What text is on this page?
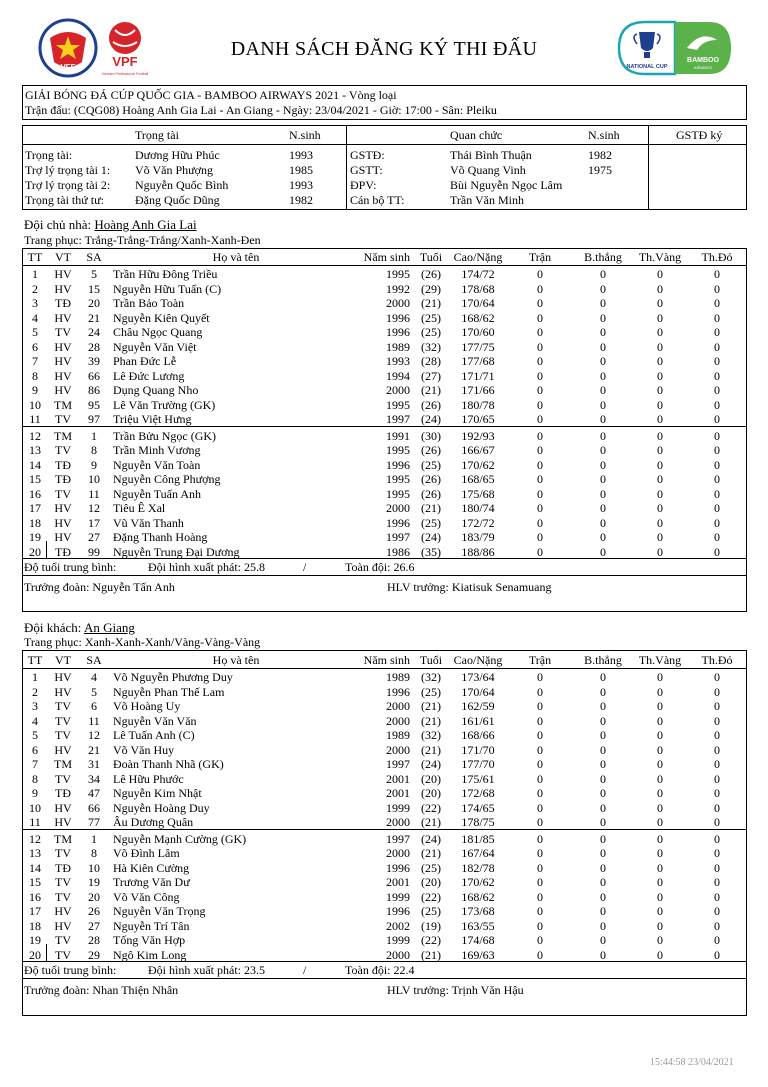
VFF	VPF
Vietnam Professional Football
DANH SÁCH ĐĂNG KÝ THI ĐẤU
NATIONAL CUP
BAMBOO
AIRWAYS
GIẢI BÓNG ĐÁ CÚP QUỐC GIA - BAMBOO AIRWAYS 2021 - Vòng loại
Trận đấu: (CQG08) Hoàng Anh Gia Lai - An Giang - Ngày: 23/04/2021 - Giờ: 17:00 - Sân: Pleiku
Trọng tài	N.sinh	Quan chức	N.sinh	GSTĐ ký
Trọng tài:	Dương Hữu Phúc	1993	GSTĐ:	Thái Bình Thuận	1982
Trợ lý trọng tài 1: Võ Văn Phượng	1985	GSTT:	Võ Quang Vinh	1975
Trợ lý trọng tài 2: Nguyễn Quốc Bình	1993	ĐPV:	Bùi Nguyễn Ngọc Lâm
Trọng tài thứ tư:	Đặng Quốc Dũng	1982	Cán bộ TT:	Trần Văn Minh
Đội chủ nhà: Hoàng Anh Gia Lai
Trang phục: Trắng-Trắng-Trắng/Xanh-Xanh-Đen
TT	VT	SA	Họ và tên	Năm sinh Tuổi Cao/Nặng	Trận	B.thắng	Th.Vàng	Th.Đỏ
1	HV	5	Trần Hữu Đông Triều	1995 (26)	174/72	0	0	0	0
2	HV	15	Nguyễn Hữu Tuấn (C)	1992 (29)	178/68	0	0	0	0
3	TĐ	20	Trần Bảo Toàn	2000 (21)	170/64	0	0	0	0
4	HV	21	Nguyễn Kiên Quyết	1996 (25)	168/62	0	0	0	0
5	TV	24	Châu Ngọc Quang	1996 (25)	170/60	0	0	0	0
6	HV	28	Nguyễn Văn Việt	1989 (32)	177/75	0	0	0	0
7	HV	39	Phan Đức Lễ	1993 (28)	177/68	0	0	0	0
8	HV	66	Lê Đức Lương	1994 (27)	171/71	0	0	0	0
9	HV	86	Dụng Quang Nho	2000 (21)	171/66	0	0	0	0
10	TM	95	Lê Văn Trường (GK)	1995 (26)	180/78	0	0	0	0
11	TV	97	Triệu Việt Hưng	1997 (24)	170/65	0	0	0	0
12	TM	1	Trần Bửu Ngọc (GK)	1991 (30)	192/93	0	0	0	0
13	TV	8	Trần Minh Vương	1995 (26)	166/67	0	0	0	0
14	TĐ	9	Nguyễn Văn Toàn	1996 (25)	170/62	0	0	0	0
15	TĐ	10	Nguyễn Công Phượng	1995 (26)	168/65	0	0	0	0
16	TV	11	Nguyễn Tuấn Anh	1995 (26)	175/68	0	0	0	0
17	HV	12	Tiêu Ê Xal	2000 (21)	180/74	0	0	0	0
18	HV	17	Vũ Văn Thanh	1996 (25)	172/72	0	0	0	0
19	HV	27	Đặng Thanh Hoàng	1997 (24)	183/79	0	0	0	0
20	TĐ	99	Nguyễn Trung Đại Dương	1986 (35)	188/86	0	0	0	0
Độ tuổi trung bình:	Đội hình xuất phát: 25.8	/	Toàn đội: 26.6
Trưởng đoàn: Nguyễn Tấn Anh	HLV trưởng: Kiatisuk Senamuang
Đội khách: An Giang
Trang phục: Xanh-Xanh-Xanh/Vàng-Vàng-Vàng
TT	VT	SA	Họ và tên	Năm sinh Tuổi Cao/Nặng	Trận	B.thắng	Th.Vàng	Th.Đỏ
1	HV	4	Võ Nguyễn Phương Duy	1989 (32)	173/64	0	0	0	0
2	HV	5	Nguyễn Phan Thế Lam	1996 (25)	170/64	0	0	0	0
3	TV	6	Võ Hoàng Uy	2000 (21)	162/59	0	0	0	0
4	TV	11	Nguyễn Văn Văn	2000 (21)	161/61	0	0	0	0
5	TV	12	Lê Tuấn Anh (C)	1989 (32)	168/66	0	0	0	0
6	HV	21	Võ Văn Huy	2000 (21)	171/70	0	0	0	0
7	TM	31	Đoàn Thanh Nhã (GK)	1997 (24)	177/70	0	0	0	0
8	TV	34	Lê Hữu Phước	2001 (20)	175/61	0	0	0	0
9	TĐ	47	Nguyễn Kim Nhật	2001 (20)	172/68	0	0	0	0
10	HV	66	Nguyễn Hoàng Duy	1999 (22)	174/65	0	0	0	0
11	HV	77	Âu Dương Quân	2000 (21)	178/75	0	0	0	0
12	TM	1	Nguyễn Mạnh Cường (GK)	1997 (24)	181/85	0	0	0	0
13	TV	8	Võ Đình Lâm	2000 (21)	167/64	0	0	0	0
14	TĐ	10	Hà Kiên Cường	1996 (25)	182/78	0	0	0	0
15	TV	19	Trương Văn Dư	2001 (20)	170/62	0	0	0	0
16	TV	20	Võ Văn Công	1999 (22)	168/62	0	0	0	0
17	HV	26	Nguyễn Văn Trọng	1996 (25)	173/68	0	0	0	0
18	HV	27	Nguyễn Trí Tân	2002 (19)	163/55	0	0	0	0
19	TV	28	Tống Văn Hợp	1999 (22)	174/68	0	0	0	0
20	TV	29	Ngô Kim Long	2000 (21)	169/63	0	0	0	0
Độ tuổi trung bình:	Đội hình xuất phát: 23.5	/	Toàn đội: 22.4
Trưởng đoàn: Nhan Thiện Nhân	HLV trưởng: Trịnh Văn Hậu
15:44:58 23/04/2021
